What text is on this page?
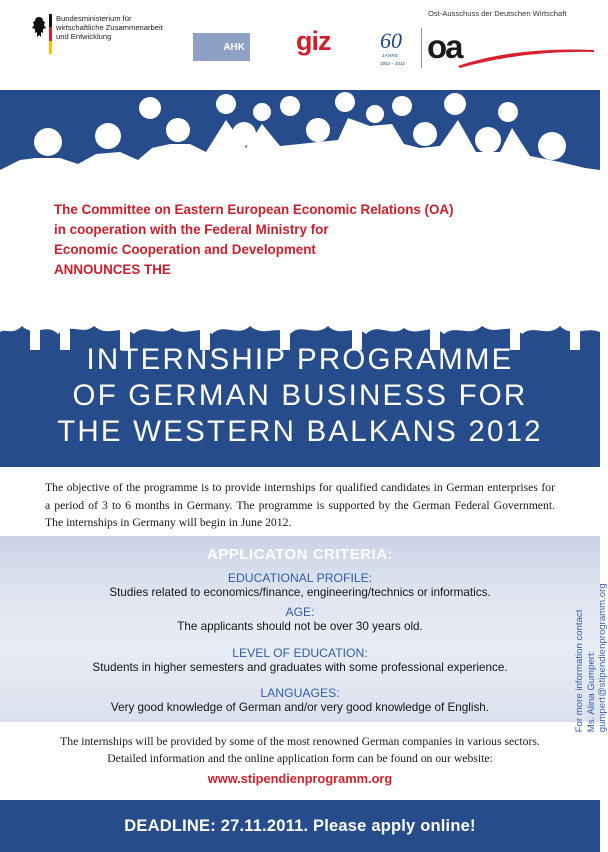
Bundesministerium für
wirtschaftliche Zusammenarbeit
und Entwicklung
AHK giz 60
JAHRE
1952 – 2012
Ost-Ausschuss der Deutschen Wirtschaft
oa

The Committee on Eastern European Economic Relations (OA)

in cooperation with the Federal Ministry for

Economic Cooperation and Development

ANNOUNCES THE

INTERNSHIP PROGRAMME
OF GERMAN BUSINESS FOR
THE WESTERN BALKANS 2012
The objective of the programme is to provide internships for qualified candidates in German enterprises for a period of 3 to 6 months in Germany. The programme is supported by the German Federal Government. The internships in Germany will begin in June 2012.
APPLICATON CRITERIA:
EDUCATIONAL PROFILE:
Studies related to economics/finance, engineering/technics or informatics.
AGE:
The applicants should not be over 30 years old.
LEVEL OF EDUCATION:
Students in higher semesters and graduates with some professional experience.
LANGUAGES:
Very good knowledge of German and/or very good knowledge of English.	For more information contact Ms. Alina Gumpert: gumpert@stipendienprogramm.org
The internships will be provided by some of the most renowned German companies in various sectors. Detailed information and the online application form can be found on our website:
www.stipendienprogramm.org
DEADLINE: 27.11.2011. Please apply online!
